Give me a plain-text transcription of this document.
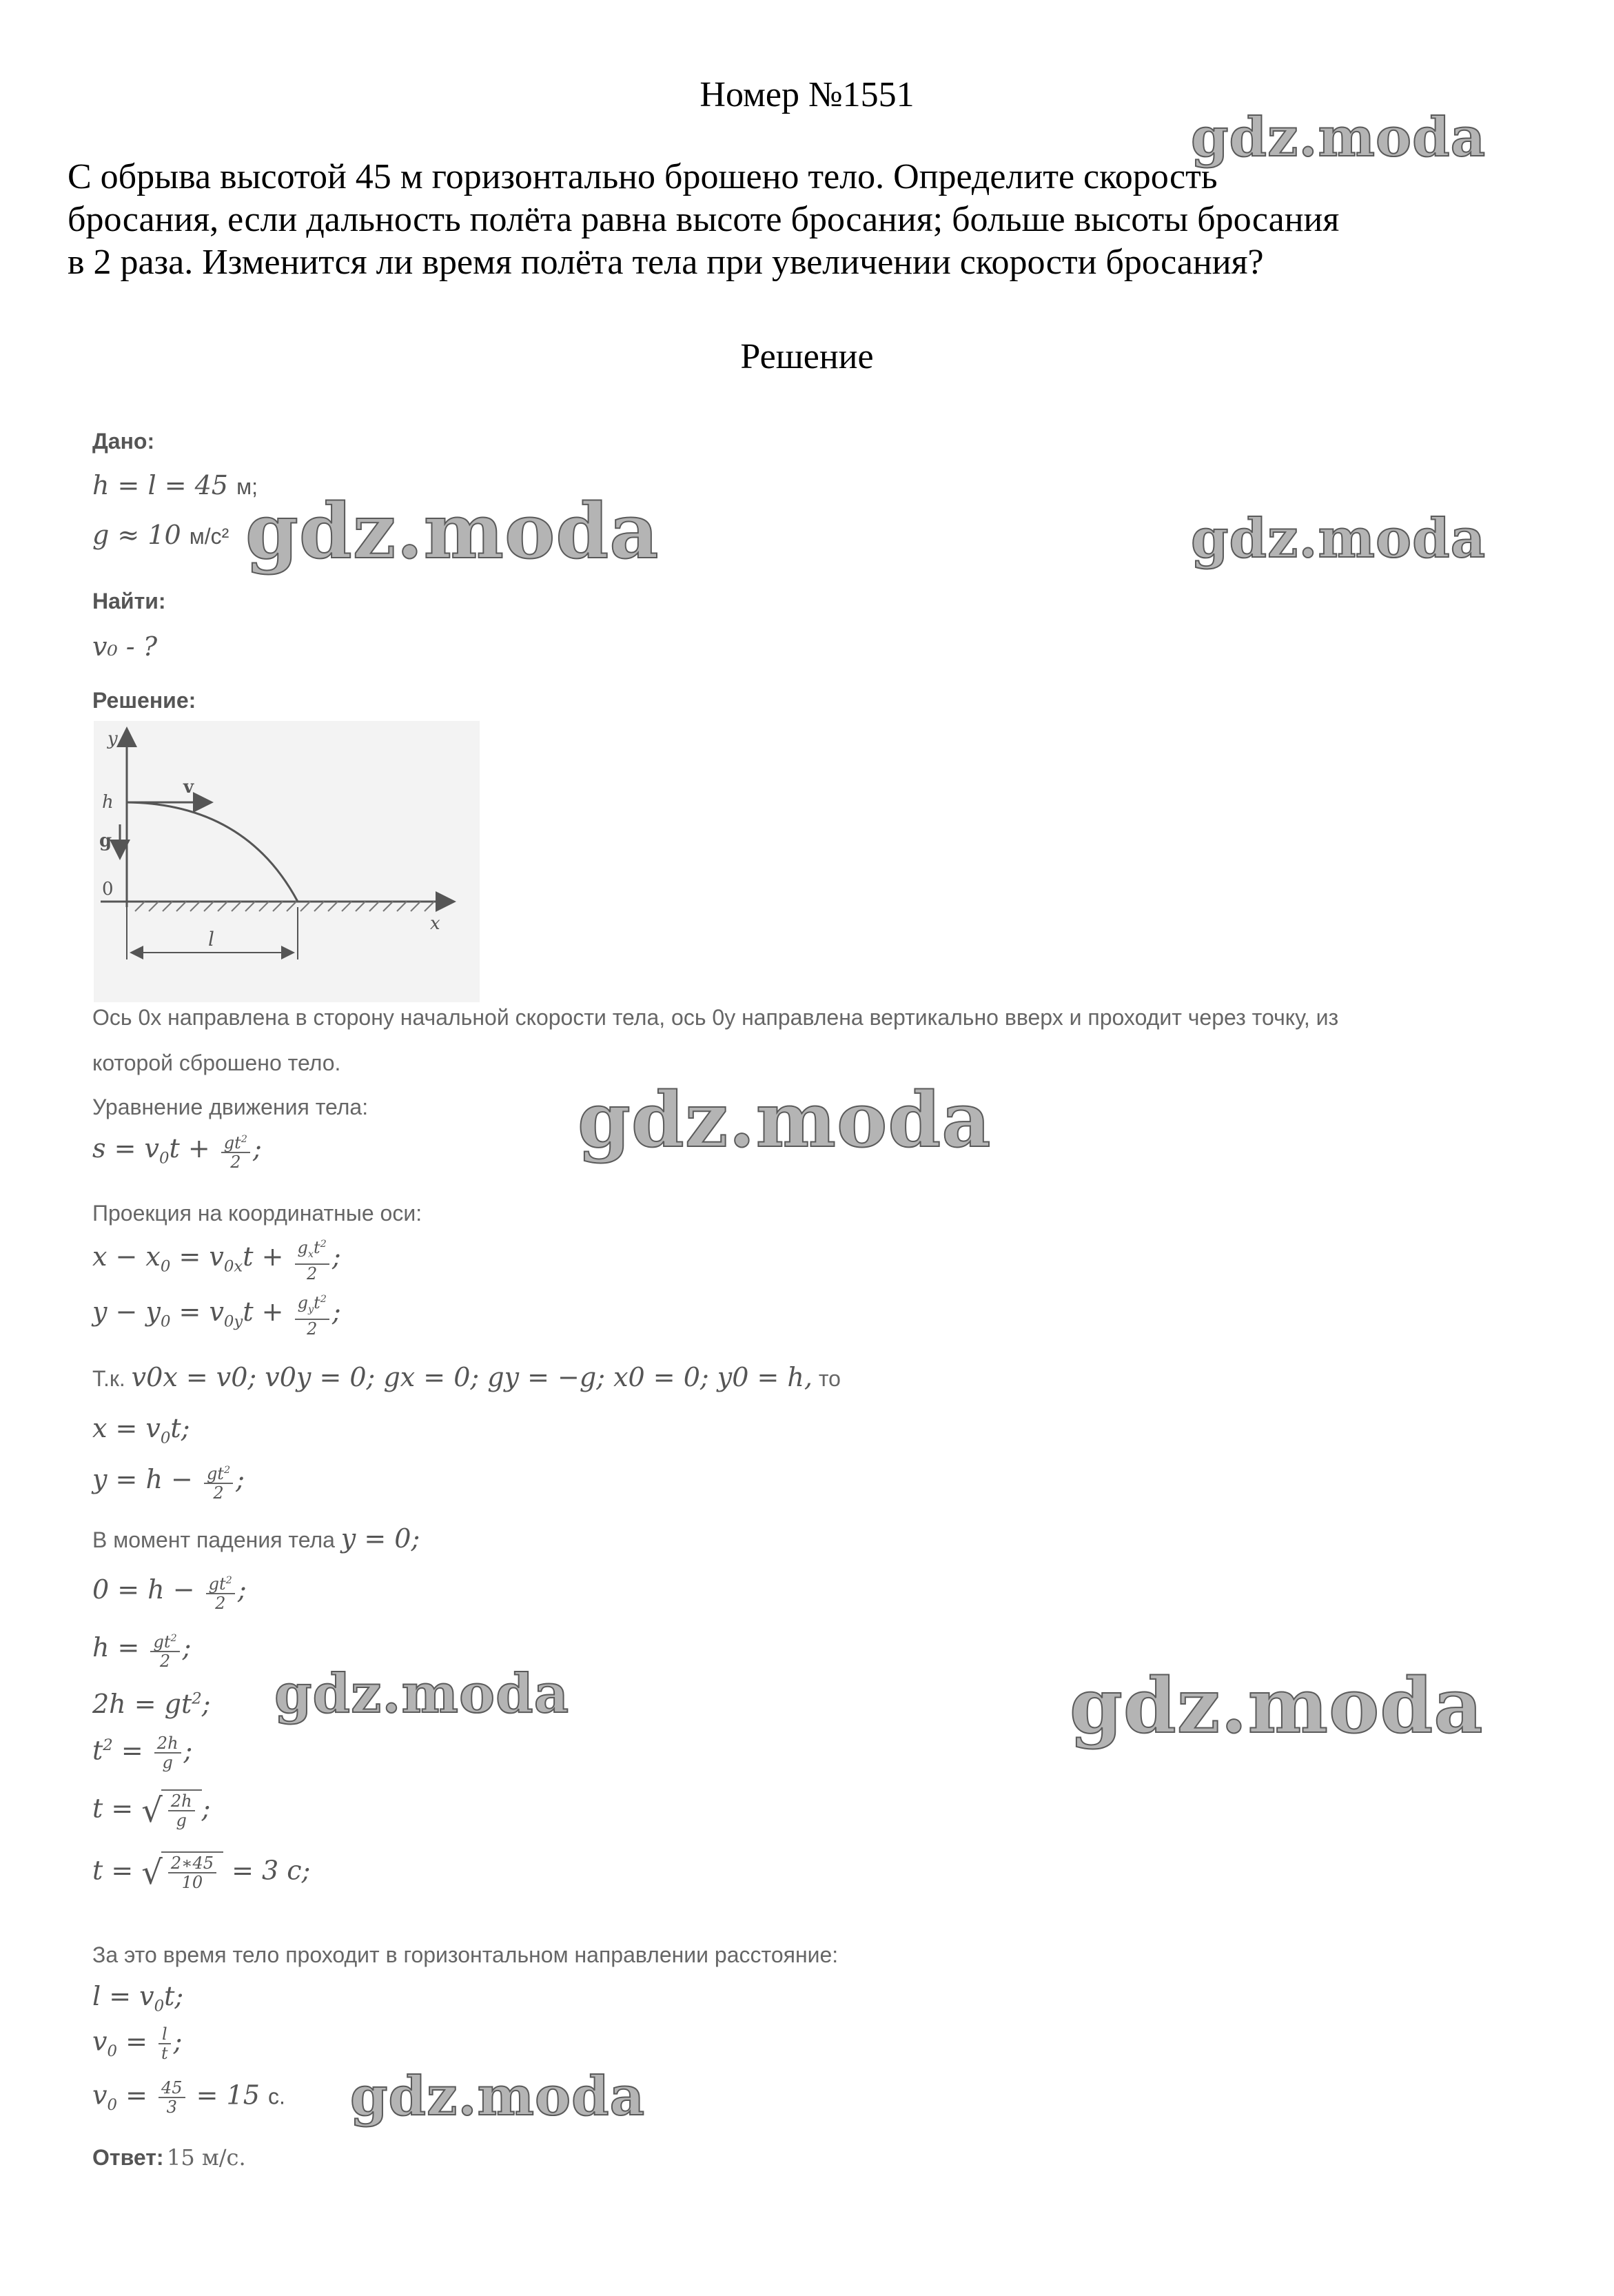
Номер №1551
С обрыва высотой 45 м горизонтально брошено тело. Определите скорость
бросания, если дальность полёта равна высоте бросания; больше высоты бросания
в 2 раза. Изменится ли время полёта тела при увеличении скорости бросания?
Решение
Дано:
h = l = 45 м;
g ≈ 10 м/с²
Найти:
v₀ - ?
Решение:
Ось 0x направлена в сторону начальной скорости тела, ось 0y направлена вертикально вверх и проходит через точку, из
которой сброшено тело.
Уравнение движения тела:
$s = v_0t + \frac{gt^2}{2}$ ;
Проекция на координатные оси:
$x - x_0 = v_{0x}t + \frac{g_xt^2}{2}$ ;
$y - y_0 = v_{0y}t + \frac{g_yt^2}{2}$ ;
Т.к. v0x = v0; v0y = 0; gx = 0; gy = −g; x0 = 0; y0 = h, то
$x = v_0t$;
$y = h - \frac{gt^2}{2}$ ;
В момент падения тела y = 0;
$0 = h - \frac{gt^2}{2}$ ;
$h = \frac{gt^2}{2}$ ;
$2h = gt^2$;
$t^2 = \frac{2h}{g}$ ;
t = √ $\frac{2h}{g}$ ;
t = √ $\frac{2∗45}{10} = 3$ с;
За это время тело проходит в горизонтальном направлении расстояние:
$l = v_0t$;
$v_0 = \frac{l}{t}$ ;
$v_0 = \frac{45}{3} = 15$ с.
Ответ: 15 м/с.
y
v
h
g
0
x
l
gdz.moda
gdz.moda	gdz.moda
gdz.moda
gdz.moda	gdz.moda
gdz.moda
